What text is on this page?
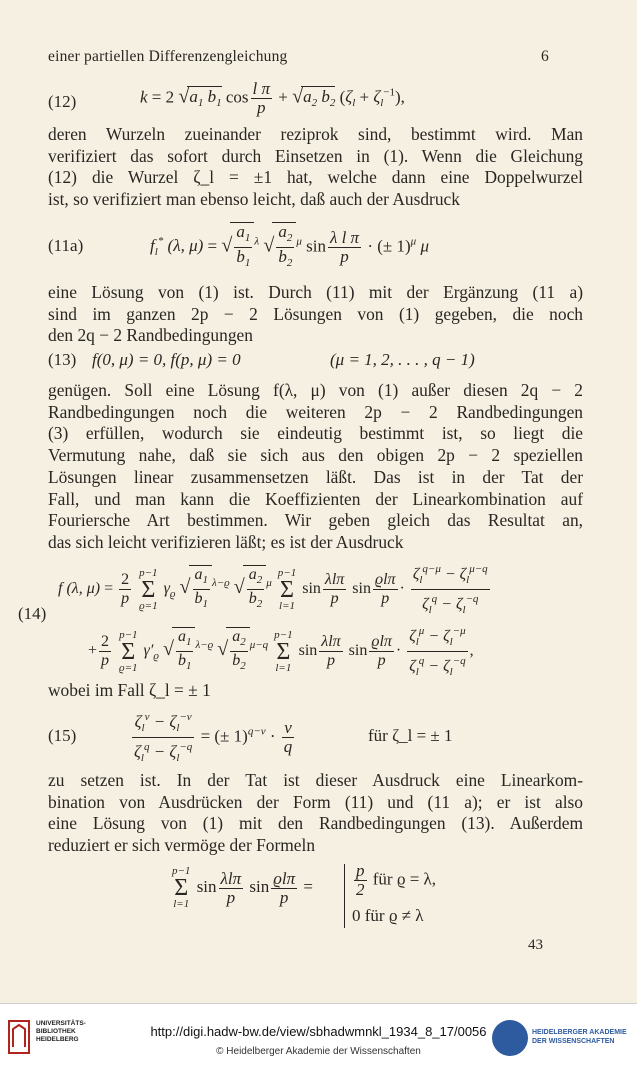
einer partiellen Differenzengleichung	6
(12)	k = 2 $√a_1$ $b_1$ $\cos \frac{\text{l π}}{p} + √a_2$ $b_2$ $(\zeta_l + \zeta_l^{-1})$,
deren Wurzeln zueinander reziprok sind, bestimmt wird. Man
verifiziert das sofort durch Einsetzen in (1). Wenn die Gleichung
(12) die Wurzel ζ_l = ±1 hat, welche dann eine Doppelwurzel
ist, so verifiziert man ebenso leicht, daß auch der Ausdruck
(11a)	$f_l^*$ (λ, μ) = √ $\frac{a_1}{b_1} ^\lambda$ √ $\frac{a_2}{b_2} ^\mu$ $\sin \frac{\text{λ l π}}{p}$ · (± 1)$^\mu$ μ
eine Lösung von (1) ist. Durch (11) mit der Ergänzung (11 a)
sind im ganzen 2p − 2 Lösungen von (1) gegeben, die noch
den 2q − 2 Randbedingungen
(13) f(0, μ) = 0, f(p, μ) = 0	(μ = 1, 2, . . . , q − 1)
genügen. Soll eine Lösung f(λ, μ) von (1) außer diesen 2q − 2
Randbedingungen noch die weiteren 2p − 2 Randbedingungen
(3) erfüllen, wodurch sie eindeutig bestimmt ist, so liegt die
Vermutung nahe, daß sie sich aus den obigen 2p − 2 speziellen
Lösungen linear zusammensetzen läßt. Das ist in der Tat der
Fall, und man kann die Koeffizienten der Linearkombination auf
Fouriersche Art bestimmen. Wir geben gleich das Resultat an,
das sich leicht verifizieren läßt; es ist der Ausdruck
(14)
f (λ, $\mu) = \frac{2}{p} p-1$
Σ
ϱ=1 $\gamma_ϱ$ √ $\frac{a_1}{b_1} ^{\lambda-ϱ}$ √ $\frac{a_2}{b_2} ^\mu$ p−1
Σ
l=1 $\sin \frac{\text{λlπ}}{p}$ $\sin \frac{\text{ϱlπ}}{p} \cdot \frac{\zeta_l^{q-\mu} - \zeta_l^{\mu-q}}{\zeta_l^q - \zeta_l^{-q}}$
+ $\frac{2}{p} p-1$
Σ
ϱ=1 $\gamma'_ϱ$ √ $\frac{a_1}{b_1} ^{\lambda-ϱ}$ √ $\frac{a_2}{b_2} ^{\mu-q}$ p−1
Σ
l=1 $\sin \frac{\text{λlπ}}{p}$ $\sin \frac{\text{ϱlπ}}{p} \cdot \frac{\zeta_l^\mu - \zeta_l^{-\mu}}{\zeta_l^q - \zeta_l^{-q}}$ ,
wobei im Fall ζ_l = ± 1
(15)	$\frac{\zeta_l^\nu - \zeta_l^{-\nu}}{\zeta_l^q - \zeta_l^{-q}}$ = (± $1)^{q-\nu} \cdot \frac{\nu}{q}$	für ζ_l = ± 1
zu setzen ist. In der Tat ist dieser Ausdruck eine Linearkom-
bination von Ausdrücken der Form (11) und (11 a); er ist also
eine Lösung von (1) mit den Randbedingungen (13). Außerdem
reduziert er sich vermöge der Formeln
p−1
Σ
l=1 $\sin \frac{\text{λlπ}}{p}$ $\sin \frac{\text{ϱlπ}}{p} = \frac{p}{2}$ für ϱ = λ,
0 für ϱ ≠ λ
43
UNIVERSITÄTS-
BIBLIOTHEK
HEIDELBERG
http://digi.hadw-bw.de/view/sbhadwmnkl_1934_8_17/0056
© Heidelberger Akademie der Wissenschaften
HEIDELBERGER AKADEMIE
DER WISSENSCHAFTEN
